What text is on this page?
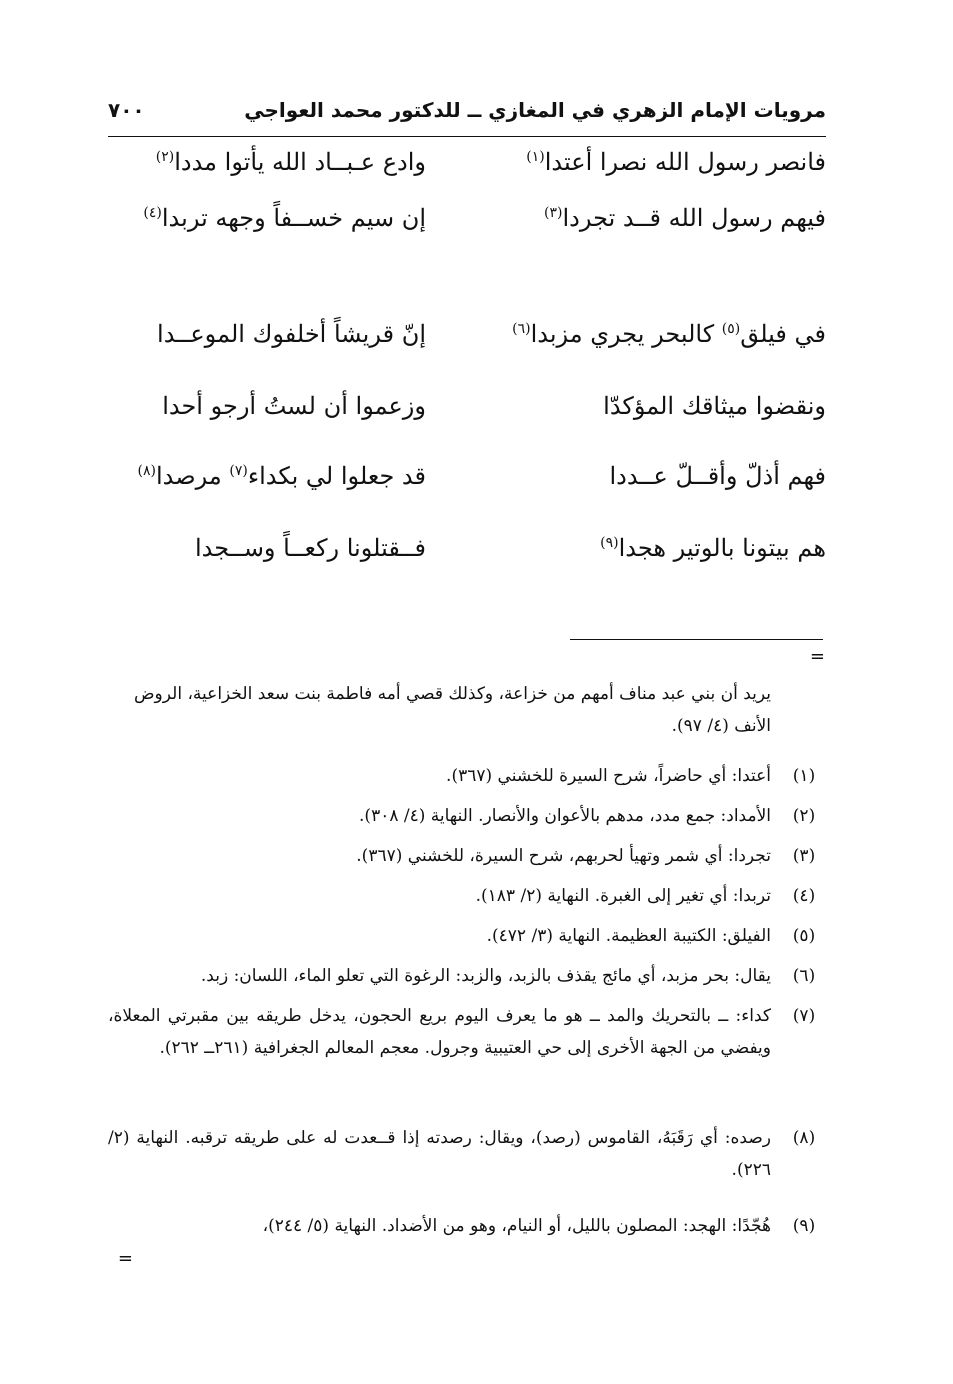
مرويات الإمام الزهري في المغازي ــ للدكتور محمد العواجي
٧٠٠
فانصر رسول الله نصرا أعتدا$^{(١)}$
وادع عـبــاد الله يأتوا مددا$^{(٢)}$
فيهم رسول الله قــد تجردا$^{(٣)}$
إن سيم خســفاً وجهه تربدا$^{(٤)}$
في فيلق$^{(٥)}$ كالبحر يجري مزبدا$^{(٦)}$
إنّ قريشاً أخلفوك الموعــدا
ونقضوا ميثاقك المؤكدّا
وزعموا أن لستُ أرجو أحدا
فهم أذلّ وأقــلّ عــددا
قد جعلوا لي بكداء$^{(٧)}$ مرصدا$^{(٨)}$
هم بيتونا بالوتير هجدا$^{(٩)}$
فــقتلونا ركعــاً وســجدا
=
يريد أن بني عبد مناف أمهم من خزاعة، وكذلك قصي أمه فاطمة بنت سعد الخزاعية، الروض الأنف (٤/ ٩٧).
(١)
أعتدا: أي حاضراً، شرح السيرة للخشني (٣٦٧).
(٢)
الأمداد: جمع مدد، مدهم بالأعوان والأنصار. النهاية (٤/ ٣٠٨).
(٣)
تجردا: أي شمر وتهيأ لحربهم، شرح السيرة، للخشني (٣٦٧).
(٤)
تربدا: أي تغير إلى الغبرة. النهاية (٢/ ١٨٣).
(٥)
الفيلق: الكتيبة العظيمة. النهاية (٣/ ٤٧٢).
(٦)
يقال: بحر مزبد، أي مائج يقذف بالزبد، والزبد: الرغوة التي تعلو الماء، اللسان: زبد.
(٧)
كداء: ــ بالتحريك والمد ــ هو ما يعرف اليوم بريع الحجون، يدخل طريقه بين مقبرتي المعلاة، ويفضي من الجهة الأخرى إلى حي العتيبية وجرول. معجم المعالم الجغرافية (٢٦١ــ ٢٦٢).
(٨)
رصده: أي رَقَبَهُ، القاموس (رصد)، ويقال: رصدته إذا قــعدت له على طريقه ترقبه. النهاية (٢/ ٢٢٦).
(٩)
هُجّدًا: الهجد: المصلون بالليل، أو النيام، وهو من الأضداد. النهاية (٥/ ٢٤٤)،
=
